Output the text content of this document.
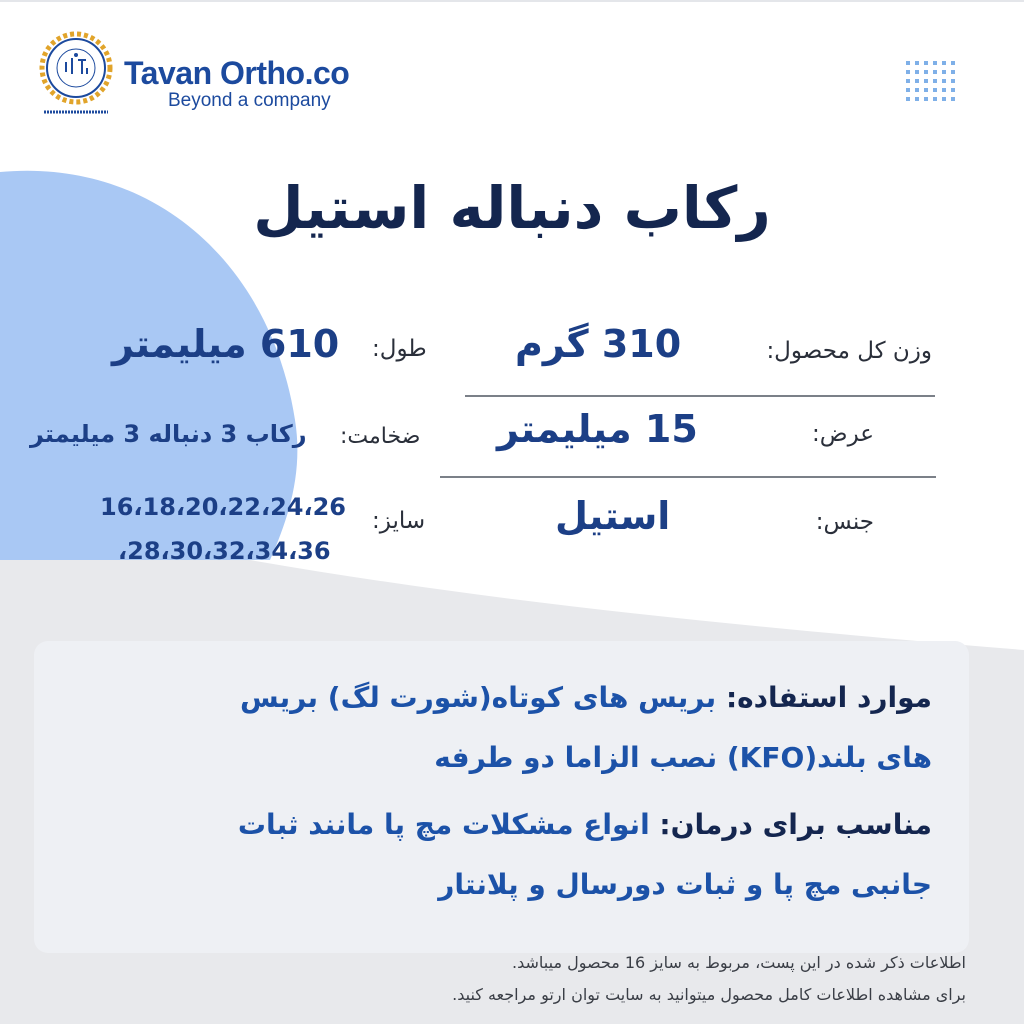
Tavan Ortho.co
Beyond a company
رکاب دنباله استیل
وزن کل محصول:
310 گرم
طول:
610 میلیمتر
عرض:
15 میلیمتر
ضخامت:
رکاب 3 دنباله 3 میلیمتر
جنس:
استیل
سایز:
16،18،20،22،24،26
،28،30،32،34،36
موارد استفاده: بریس های کوتاه(شورت لگ) بریس
های بلند(KFO) نصب الزاما دو طرفه
مناسب برای درمان: انواع مشکلات مچ پا مانند ثبات
جانبی مچ پا و ثبات دورسال و پلانتار
اطلاعات ذکر شده در این پست، مربوط به سایز 16 محصول میباشد.
برای مشاهده اطلاعات کامل محصول میتوانید به سایت توان ارتو مراجعه کنید.
